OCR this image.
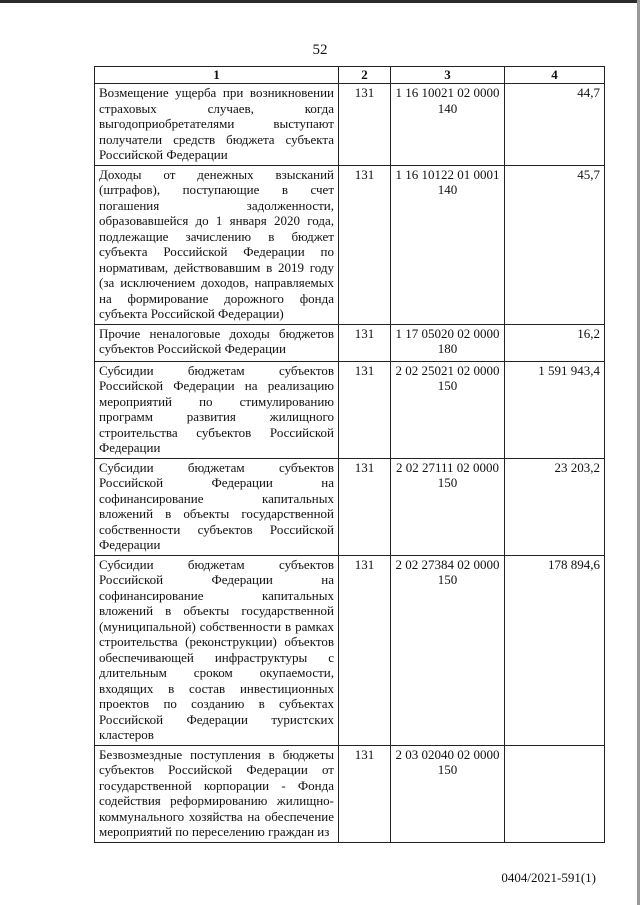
52
1	2	3	4
Возмещение ущерба при возникновении страховых случаев, когда выгодоприобретателями выступают получатели средств бюджета субъекта Российской Федерации	131	1 16 10021 02 0000 140	44,7
Доходы от денежных взысканий (штрафов), поступающие в счет погашения задолженности, образовавшейся до 1 января 2020 года, подлежащие зачислению в бюджет субъекта Российской Федерации по нормативам, действовавшим в 2019 году (за исключением доходов, направляемых на формирование дорожного фонда субъекта Российской Федерации)	131	1 16 10122 01 0001 140	45,7
Прочие неналоговые доходы бюджетов субъектов Российской Федерации	131	1 17 05020 02 0000 180	16,2
Субсидии бюджетам субъектов Российской Федерации на реализацию мероприятий по стимулированию программ развития жилищного строительства субъектов Российской Федерации	131	2 02 25021 02 0000 150	1 591 943,4
Субсидии бюджетам субъектов Российской Федерации на софинансирование капитальных вложений в объекты государственной собственности субъектов Российской Федерации	131	2 02 27111 02 0000 150	23 203,2
Субсидии бюджетам субъектов Российской Федерации на софинансирование капитальных вложений в объекты государственной (муниципальной) собственности в рамках строительства (реконструкции) объектов обеспечивающей инфраструктуры с длительным сроком окупаемости, входящих в состав инвестиционных проектов по созданию в субъектах Российской Федерации туристских кластеров	131	2 02 27384 02 0000 150	178 894,6
Безвозмездные поступления в бюджеты субъектов Российской Федерации от государственной корпорации - Фонда содействия реформированию жилищно-коммунального хозяйства на обеспечение мероприятий по переселению граждан из	131	2 03 02040 02 0000 150	
0404/2021-591(1)
